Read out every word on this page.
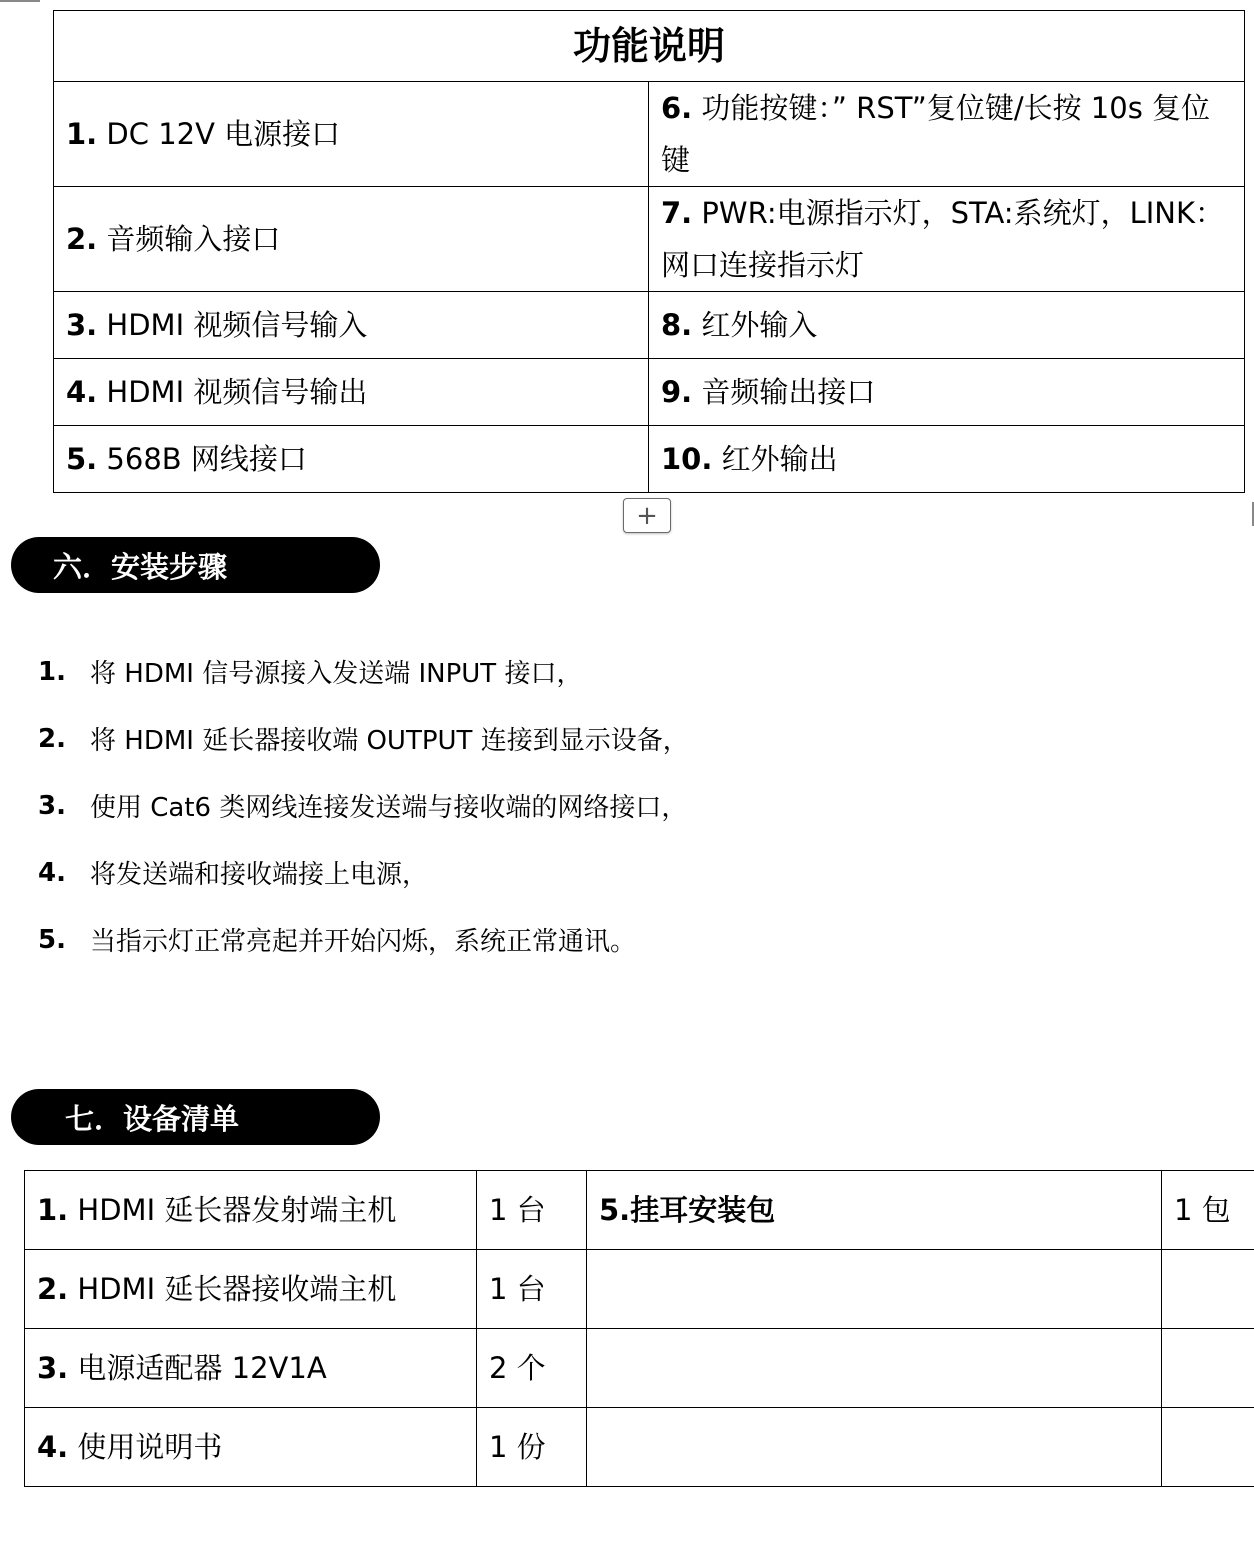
功能说明	
1. DC 12V 电源接口	6. 功能按键：” RST”复位键/长按 10s 复位键
2. 音频输入接口	7. PWR:电源指示灯，STA:系统灯，LINK：网口连接指示灯
3. HDMI 视频信号输入	8. 红外输入
4. HDMI 视频信号输出	9. 音频输出接口
5. 568B 网线接口	10. 红外输出
+
六．安装步骤
1. 将 HDMI 信号源接入发送端 INPUT 接口，
2. 将 HDMI 延长器接收端 OUTPUT 连接到显示设备，
3. 使用 Cat6 类网线连接发送端与接收端的网络接口，
4. 将发送端和接收端接上电源，
5. 当指示灯正常亮起并开始闪烁，系统正常通讯。
七．设备清单
1. HDMI 延长器发射端主机	1 台	5.挂耳安装包	1 包
2. HDMI 延长器接收端主机	1 台		
3. 电源适配器 12V1A	2 个		
4. 使用说明书	1 份		
